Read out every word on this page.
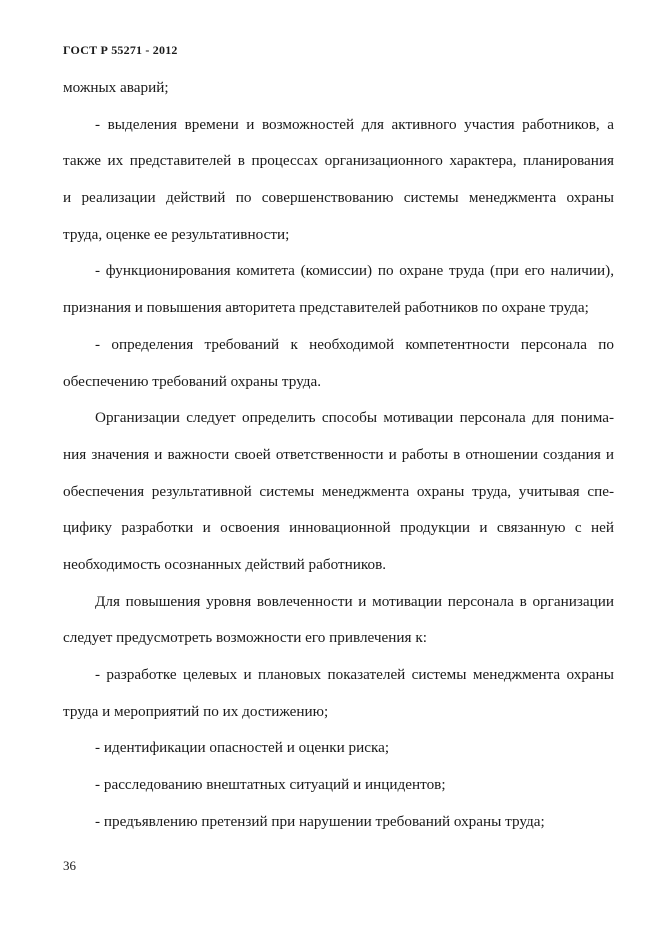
ГОСТ Р 55271 - 2012
можных аварий;
- выделения времени и возможностей для активного участия работников, а
также их представителей в процессах организационного характера, планирования
и реализации действий по совершенствованию системы менеджмента охраны
труда, оценке ее результативности;
- функционирования комитета (комиссии) по охране труда (при его наличии),
признания и повышения авторитета представителей работников по охране труда;
- определения требований к необходимой компетентности персонала по
обеспечению требований охраны труда.
Организации следует определить способы мотивации персонала для понима-
ния значения и важности своей ответственности и работы в отношении создания и
обеспечения результативной системы менеджмента охраны труда, учитывая спе-
цифику разработки и освоения инновационной продукции и связанную с ней
необходимость осознанных действий работников.
Для повышения уровня вовлеченности и мотивации персонала в организации
следует предусмотреть возможности его привлечения к:
- разработке целевых и плановых показателей системы менеджмента охраны
труда и мероприятий по их достижению;
- идентификации опасностей и оценки риска;
- расследованию внештатных ситуаций и инцидентов;
- предъявлению претензий при нарушении требований охраны труда;
36
